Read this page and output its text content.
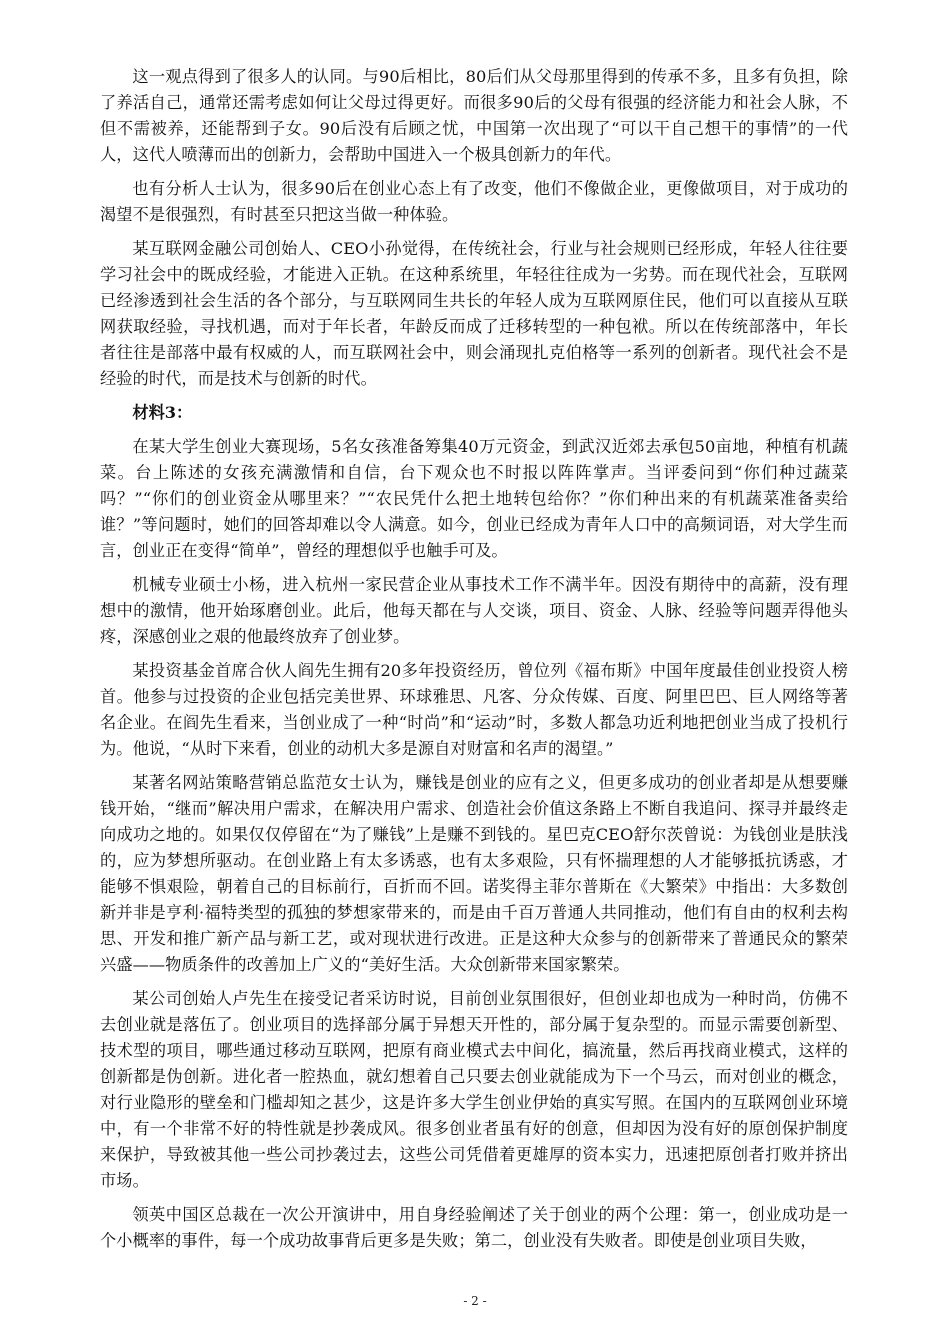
这一观点得到了很多人的认同。与90后相比，80后们从父母那里得到的传承不多，且多有负担，除了养活自己，通常还需考虑如何让父母过得更好。而很多90后的父母有很强的经济能力和社会人脉，不但不需被养，还能帮到子女。90后没有后顾之忧，中国第一次出现了“可以干自己想干的事情”的一代人，这代人喷薄而出的创新力，会帮助中国进入一个极具创新力的年代。

也有分析人士认为，很多90后在创业心态上有了改变，他们不像做企业，更像做项目，对于成功的渴望不是很强烈，有时甚至只把这当做一种体验。

某互联网金融公司创始人、CEO小孙觉得，在传统社会，行业与社会规则已经形成，年轻人往往要学习社会中的既成经验，才能进入正轨。在这种系统里，年轻往往成为一劣势。而在现代社会，互联网已经渗透到社会生活的各个部分，与互联网同生共长的年轻人成为互联网原住民，他们可以直接从互联网获取经验，寻找机遇，而对于年长者，年龄反而成了迁移转型的一种包袱。所以在传统部落中，年长者往往是部落中最有权威的人，而互联网社会中，则会涌现扎克伯格等一系列的创新者。现代社会不是经验的时代，而是技术与创新的时代。

材料3：

在某大学生创业大赛现场，5名女孩准备筹集40万元资金，到武汉近郊去承包50亩地，种植有机蔬菜。台上陈述的女孩充满激情和自信，台下观众也不时报以阵阵掌声。当评委问到“你们种过蔬菜吗？”“你们的创业资金从哪里来？”“农民凭什么把土地转包给你？”你们种出来的有机蔬菜准备卖给谁？”等问题时，她们的回答却难以令人满意。如今，创业已经成为青年人口中的高频词语，对大学生而言，创业正在变得“简单”，曾经的理想似乎也触手可及。

机械专业硕士小杨，进入杭州一家民营企业从事技术工作不满半年。因没有期待中的高薪，没有理想中的激情，他开始琢磨创业。此后，他每天都在与人交谈，项目、资金、人脉、经验等问题弄得他头疼，深感创业之艰的他最终放弃了创业梦。

某投资基金首席合伙人阎先生拥有20多年投资经历，曾位列《福布斯》中国年度最佳创业投资人榜首。他参与过投资的企业包括完美世界、环球雅思、凡客、分众传媒、百度、阿里巴巴、巨人网络等著名企业。在阎先生看来，当创业成了一种“时尚”和“运动”时，多数人都急功近利地把创业当成了投机行为。他说，“从时下来看，创业的动机大多是源自对财富和名声的渴望。”

某著名网站策略营销总监范女士认为，赚钱是创业的应有之义，但更多成功的创业者却是从想要赚钱开始，“继而”解决用户需求，在解决用户需求、创造社会价值这条路上不断自我追问、探寻并最终走向成功之地的。如果仅仅停留在“为了赚钱”上是赚不到钱的。星巴克CEO舒尔茨曾说：为钱创业是肤浅的，应为梦想所驱动。在创业路上有太多诱惑，也有太多艰险，只有怀揣理想的人才能够抵抗诱惑，才能够不惧艰险，朝着自己的目标前行，百折而不回。诺奖得主菲尔普斯在《大繁荣》中指出：大多数创新并非是亨利·福特类型的孤独的梦想家带来的，而是由千百万普通人共同推动，他们有自由的权利去构思、开发和推广新产品与新工艺，或对现状进行改进。正是这种大众参与的创新带来了普通民众的繁荣兴盛——物质条件的改善加上广义的“美好生活。大众创新带来国家繁荣。

某公司创始人卢先生在接受记者采访时说，目前创业氛围很好，但创业却也成为一种时尚，仿佛不去创业就是落伍了。创业项目的选择部分属于异想天开性的，部分属于复杂型的。而显示需要创新型、技术型的项目，哪些通过移动互联网，把原有商业模式去中间化，搞流量，然后再找商业模式，这样的创新都是伪创新。进化者一腔热血，就幻想着自己只要去创业就能成为下一个马云，而对创业的概念，对行业隐形的壁垒和门槛却知之甚少，这是许多大学生创业伊始的真实写照。在国内的互联网创业环境中，有一个非常不好的特性就是抄袭成风。很多创业者虽有好的创意，但却因为没有好的原创保护制度来保护，导致被其他一些公司抄袭过去，这些公司凭借着更雄厚的资本实力，迅速把原创者打败并挤出市场。

领英中国区总裁在一次公开演讲中，用自身经验阐述了关于创业的两个公理：第一，创业成功是一个小概率的事件，每一个成功故事背后更多是失败；第二，创业没有失败者。即使是创业项目失败，

- 2 -
